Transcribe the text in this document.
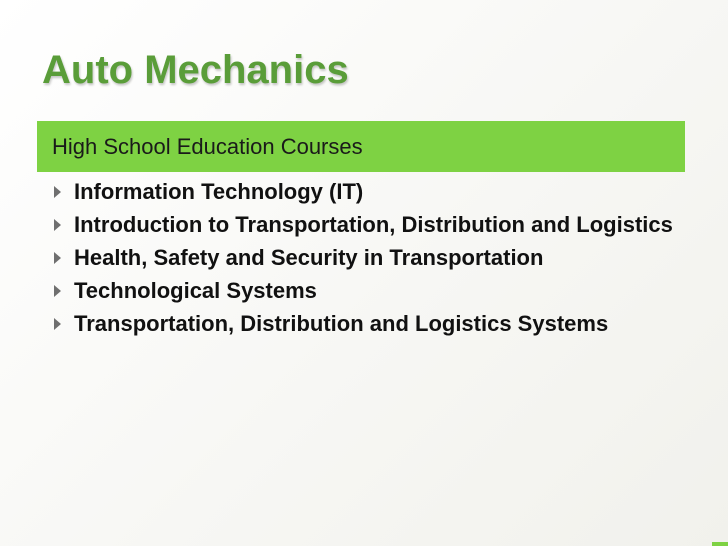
Auto Mechanics
High School Education Courses
Information Technology (IT)
Introduction to Transportation, Distribution and Logistics
Health, Safety and Security in Transportation
Technological Systems
Transportation, Distribution and Logistics Systems
